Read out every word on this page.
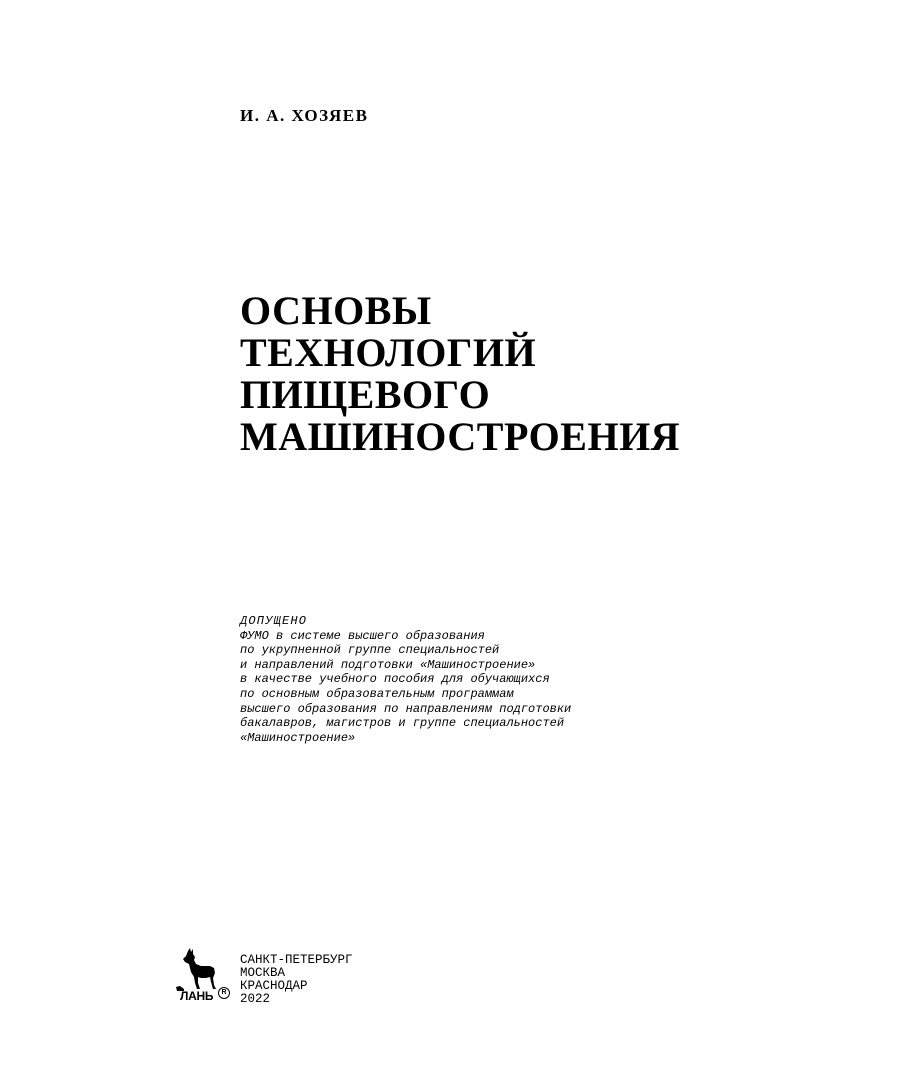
И. А. ХОЗЯЕВ
ОСНОВЫ
ТЕХНОЛОГИЙ
ПИЩЕВОГО
МАШИНОСТРОЕНИЯ
ДОПУЩЕНО
ФУМО в системе высшего образования
по укрупненной группе специальностей
и направлений подготовки «Машиностроение»
в качестве учебного пособия для обучающихся
по основным образовательным программам
высшего образования по направлениям подготовки
бакалавров, магистров и группе специальностей
«Машиностроение»
ЛАНЬ	R
САНКТ-ПЕТЕРБУРГ
МОСКВА
КРАСНОДАР
2022
